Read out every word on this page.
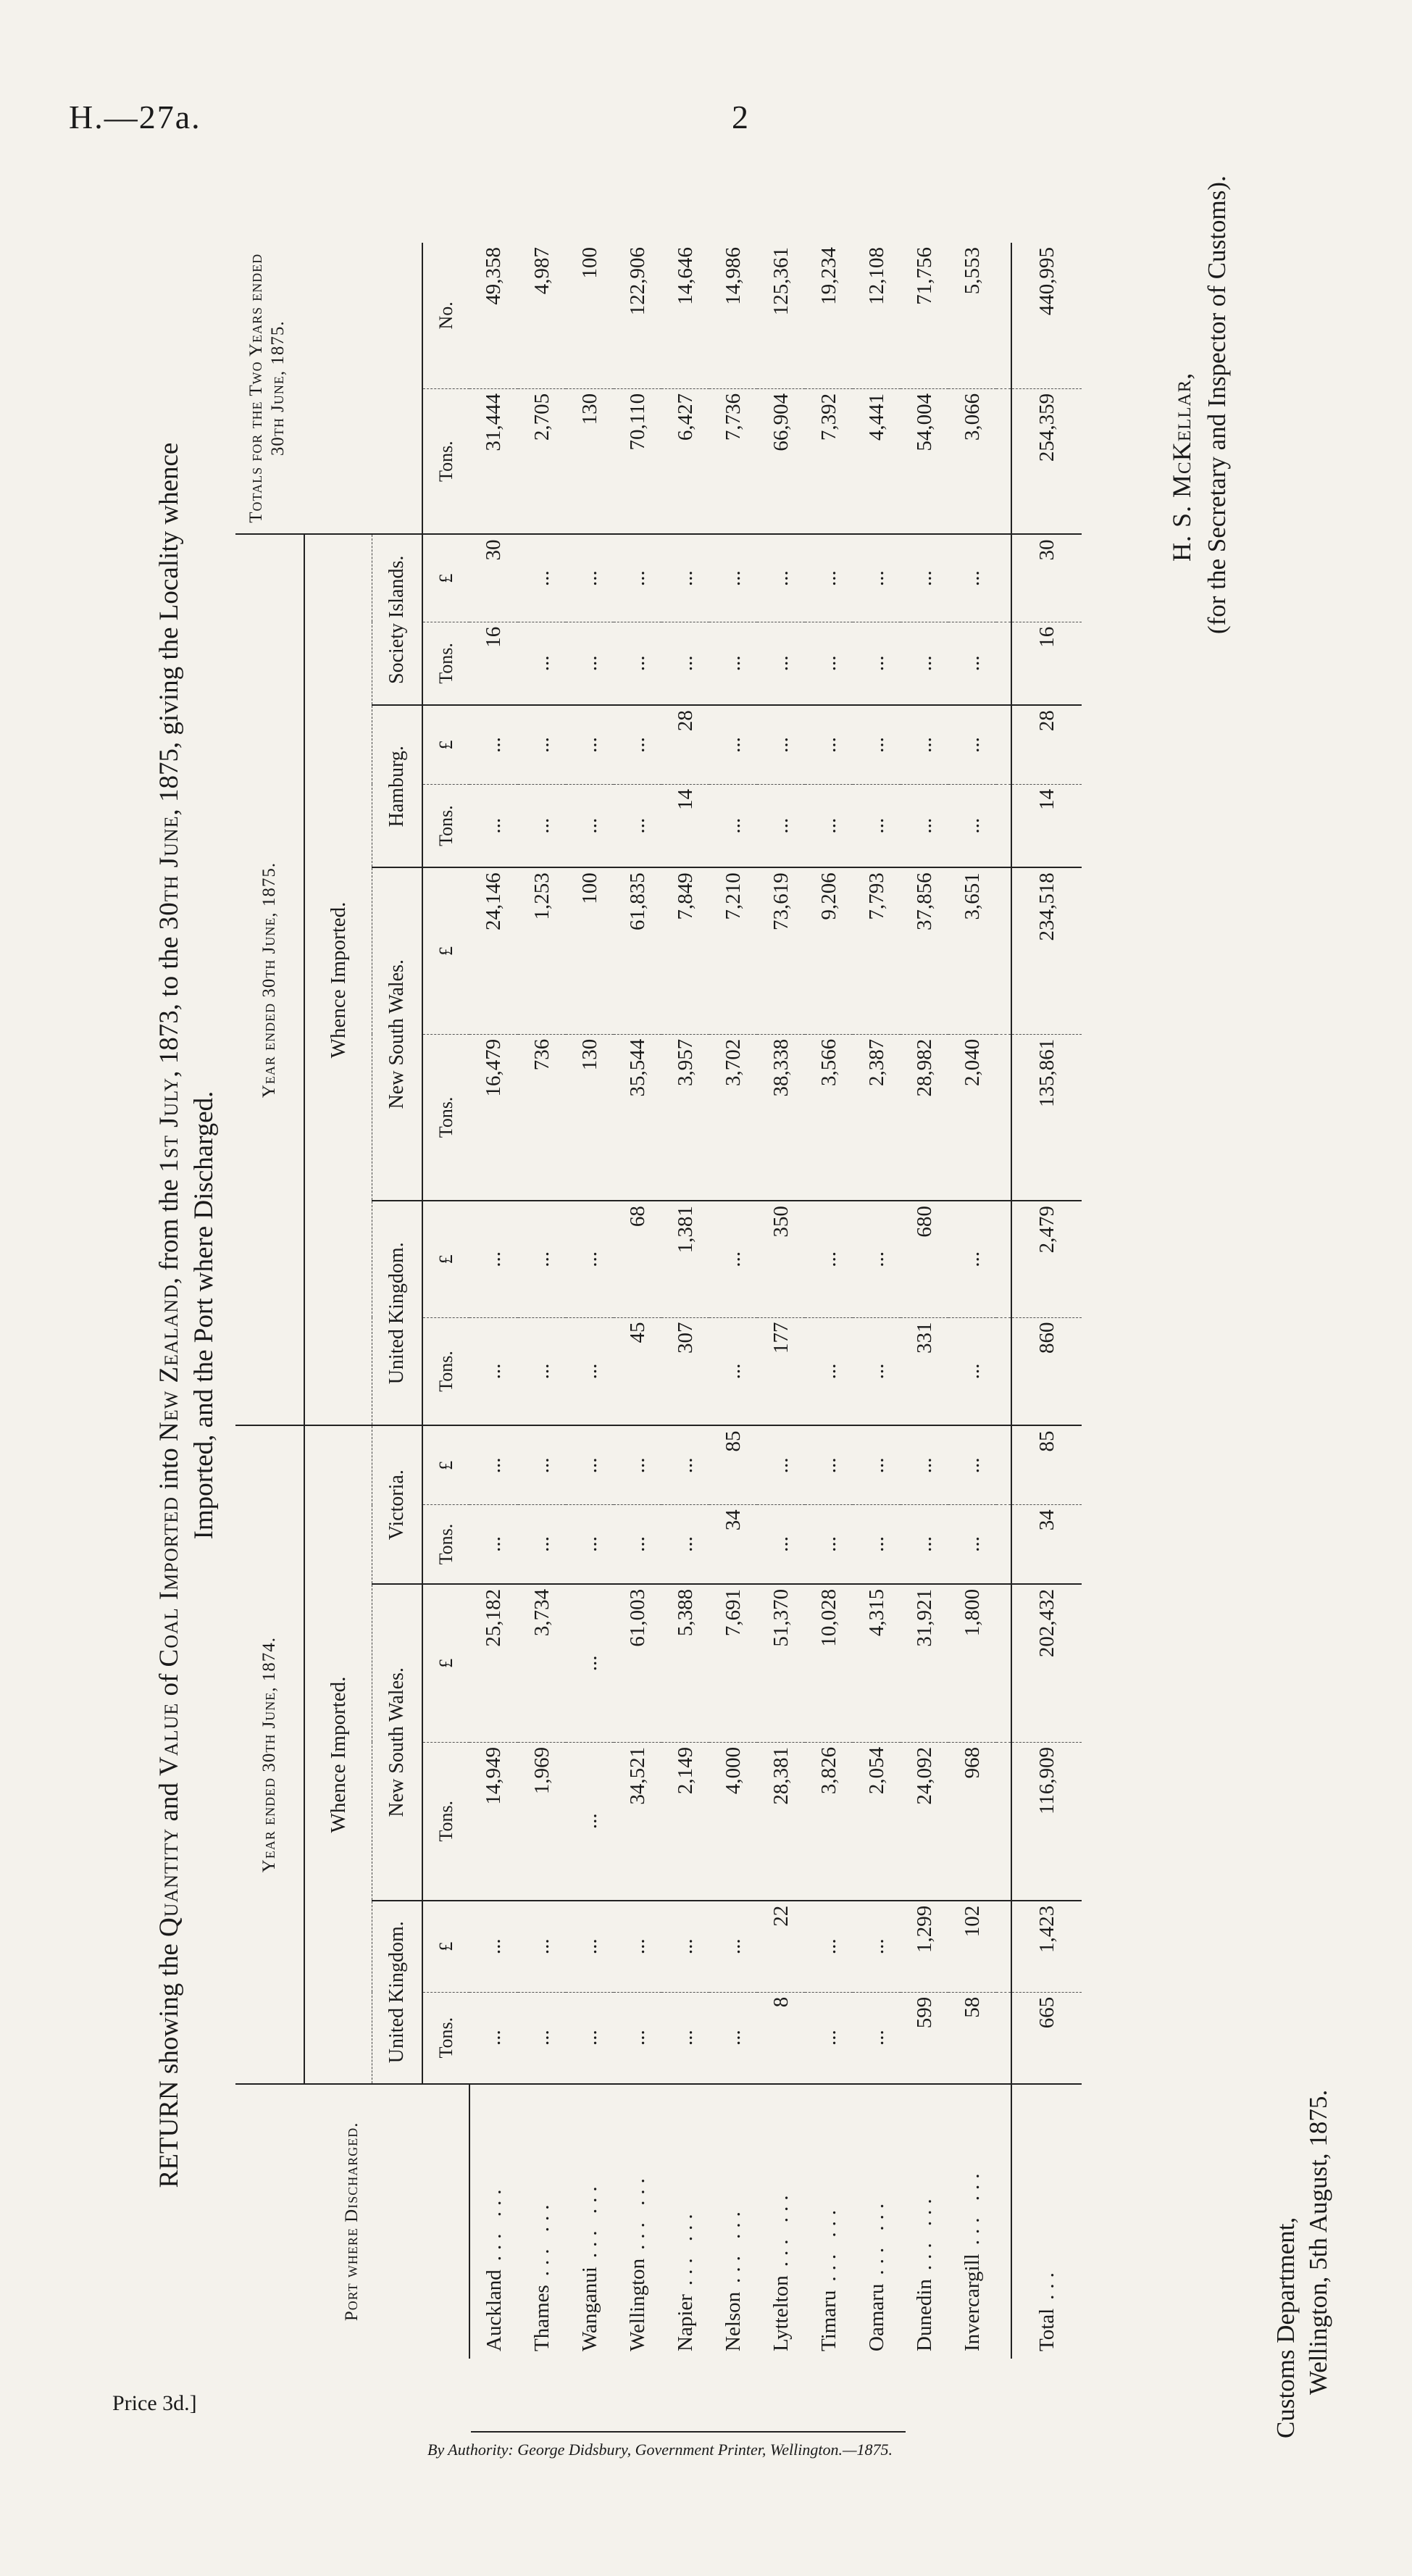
H.—27a.	2
RETURN showing the Quantity and Value of Coal Imported into New Zealand, from the 1st July, 1873, to the 30th June, 1875, giving the Locality whence
Imported, and the Port where Discharged.
Port where Discharged.	Year ended 30th June, 1874.						Year ended 30th June, 1875.								Totals for the Two Years ended 30th June, 1875.	
	Whence Imported.						Whence Imported.									
	United Kingdom.		New South Wales.		Victoria.		United Kingdom.		New South Wales.		Hamburg.		Society Islands.			
	Tons.	£	Tons.	£	Tons.	£	Tons.	£	Tons.	£	Tons.	£	Tons.	£	Tons.	No.
Auckland... ...	...	...	14,949	25,182	...	...	...	...	16,479	24,146	...	...	16	30	31,444	49,358
Thames... ...	...	...	1,969	3,734	...	...	...	...	736	1,253	...	...	...	...	2,705	4,987
Wanganui... ...	...	...	...	...	...	...	...	...	130	100	...	...	...	...	130	100
Wellington... ...	...	...	34,521	61,003	...	...	45	68	35,544	61,835	...	...	...	...	70,110	122,906
Napier... ...	...	...	2,149	5,388	...	...	307	1,381	3,957	7,849	14	28	...	...	6,427	14,646
Nelson... ...	...	...	4,000	7,691	34	85	...	...	3,702	7,210	...	...	...	...	7,736	14,986
Lyttelton... ...	8	22	28,381	51,370	...	...	177	350	38,338	73,619	...	...	...	...	66,904	125,361
Timaru... ...	...	...	3,826	10,028	...	...	...	...	3,566	9,206	...	...	...	...	7,392	19,234
Oamaru... ...	...	...	2,054	4,315	...	...	...	...	2,387	7,793	...	...	...	...	4,441	12,108
Dunedin... ...	599	1,299	24,092	31,921	...	...	331	680	28,982	37,856	...	...	...	...	54,004	71,756
Invercargill... ...	58	102	968	1,800	...	...	...	...	2,040	3,651	...	...	...	...	3,066	5,553

Total...	665	1,423	116,909	202,432	34	85	860	2,479	135,861	234,518	14	28	16	30	254,359	440,995
Customs Department, Wellington, 5th August, 1875.
H. S. McKellar, (for the Secretary and Inspector of Customs).
By Authority: George Didsbury, Government Printer, Wellington.—1875.
Price 3d.]
